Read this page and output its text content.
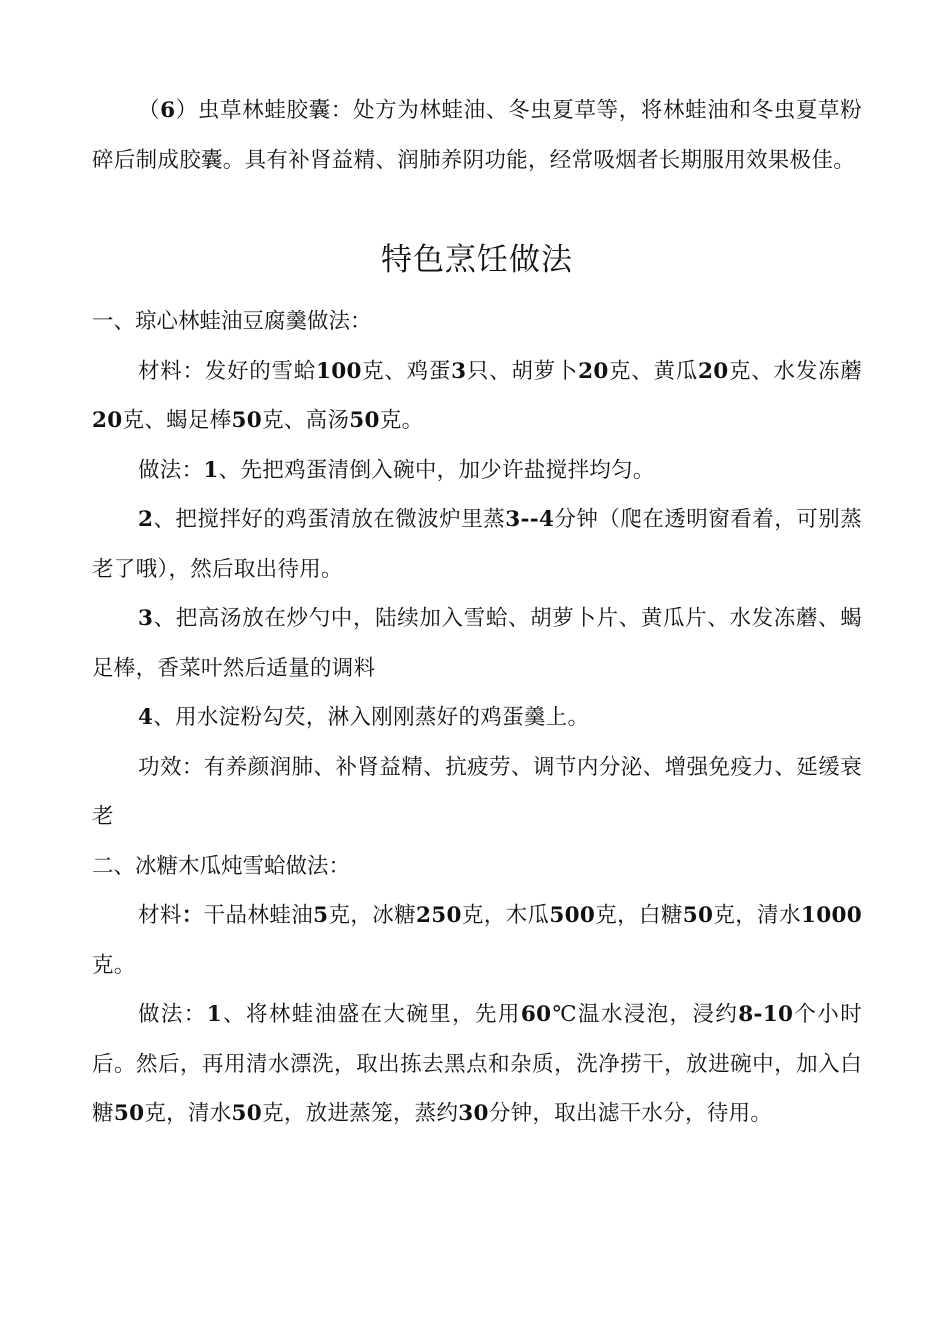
（6）虫草林蛙胶囊：处方为林蛙油、冬虫夏草等，将林蛙油和冬虫夏草粉碎后制成胶囊。具有补肾益精、润肺养阴功能，经常吸烟者长期服用效果极佳。

特色烹饪做法

一、琼心林蛙油豆腐羹做法：

材料：发好的雪蛤100克、鸡蛋3只、胡萝卜20克、黄瓜20克、水发冻蘑20克、蝎足棒50克、高汤50克。

做法：1、先把鸡蛋清倒入碗中，加少许盐搅拌均匀。

2、把搅拌好的鸡蛋清放在微波炉里蒸3--4分钟（爬在透明窗看着，可别蒸老了哦），然后取出待用。

3、把高汤放在炒勺中，陆续加入雪蛤、胡萝卜片、黄瓜片、水发冻蘑、蝎足棒，香菜叶然后适量的调料

4、用水淀粉勾芡，淋入刚刚蒸好的鸡蛋羹上。

功效：有养颜润肺、补肾益精、抗疲劳、调节内分泌、增强免疫力、延缓衰老

二、冰糖木瓜炖雪蛤做法：

材料：干品林蛙油5克，冰糖250克，木瓜500克，白糖50克，清水1000克。

做法：1、将林蛙油盛在大碗里，先用60℃温水浸泡，浸约8-10个小时后。然后，再用清水漂洗，取出拣去黑点和杂质，洗净捞干，放进碗中，加入白糖50克，清水50克，放进蒸笼，蒸约30分钟，取出滤干水分，待用。
